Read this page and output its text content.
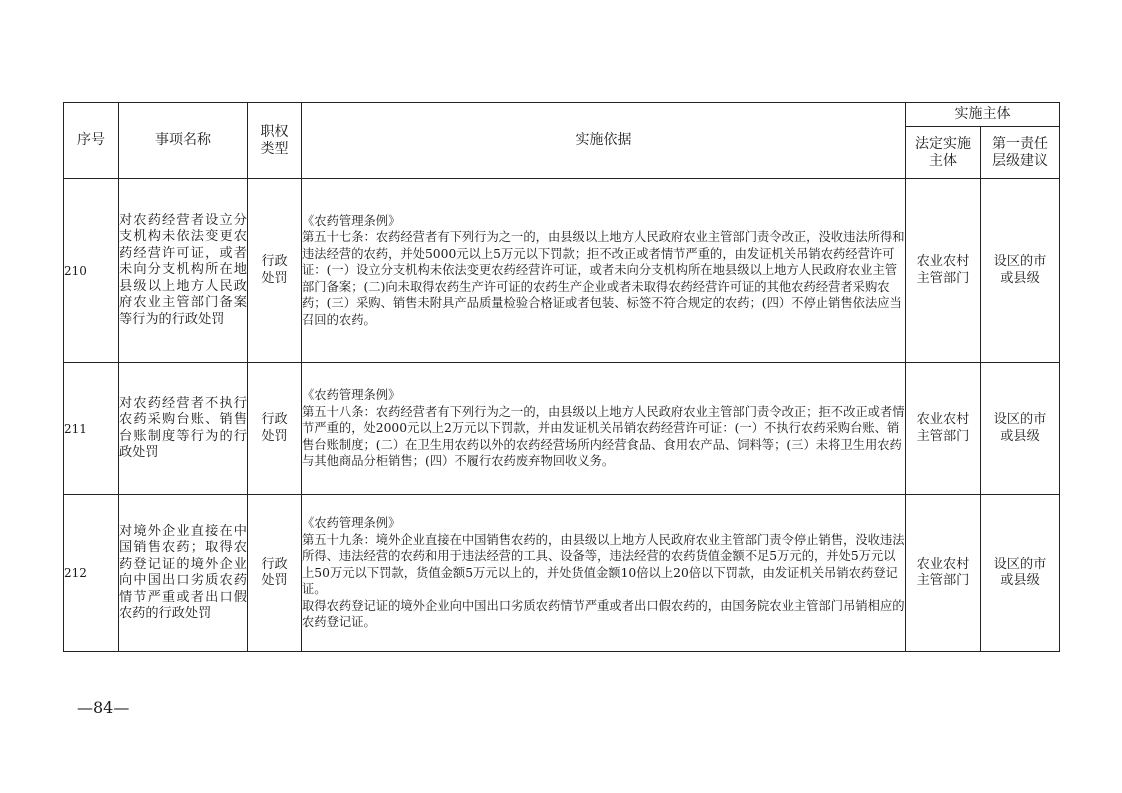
序号	事项名称	职权类型	实施依据	实施主体	
				法定实施主体	第一责任层级建议
210	对农药经营者设立分支机构未依法变更农药经营许可证，或者未向分支机构所在地县级以上地方人民政府农业主管部门备案等行为的行政处罚	行政处罚	《农药管理条例》
第五十七条：农药经营者有下列行为之一的，由县级以上地方人民政府农业主管部门责令改正，没收违法所得和违法经营的农药，并处5000元以上5万元以下罚款；拒不改正或者情节严重的，由发证机关吊销农药经营许可证：(一）设立分支机构未依法变更农药经营许可证，或者未向分支机构所在地县级以上地方人民政府农业主管部门备案；(二)向未取得农药生产许可证的农药生产企业或者未取得农药经营许可证的其他农药经营者采购农药；(三）采购、销售未附具产品质量检验合格证或者包装、标签不符合规定的农药；(四）不停止销售依法应当召回的农药。	农业农村主管部门	设区的市或县级
211	对农药经营者不执行农药采购台账、销售台账制度等行为的行政处罚	行政处罚	《农药管理条例》
第五十八条：农药经营者有下列行为之一的，由县级以上地方人民政府农业主管部门责令改正；拒不改正或者情节严重的，处2000元以上2万元以下罚款，并由发证机关吊销农药经营许可证：(一）不执行农药采购台账、销售台账制度；(二）在卫生用农药以外的农药经营场所内经营食品、食用农产品、饲料等；(三）未将卫生用农药与其他商品分柜销售；(四）不履行农药废弃物回收义务。	农业农村主管部门	设区的市或县级
212	对境外企业直接在中国销售农药；取得农药登记证的境外企业向中国出口劣质农药情节严重或者出口假农药的行政处罚	行政处罚	《农药管理条例》
第五十九条：境外企业直接在中国销售农药的，由县级以上地方人民政府农业主管部门责令停止销售，没收违法所得、违法经营的农药和用于违法经营的工具、设备等，违法经营的农药货值金额不足5万元的，并处5万元以上50万元以下罚款，货值金额5万元以上的，并处货值金额10倍以上20倍以下罚款，由发证机关吊销农药登记证。
取得农药登记证的境外企业向中国出口劣质农药情节严重或者出口假农药的，由国务院农业主管部门吊销相应的农药登记证。	农业农村主管部门	设区的市或县级
—84—
